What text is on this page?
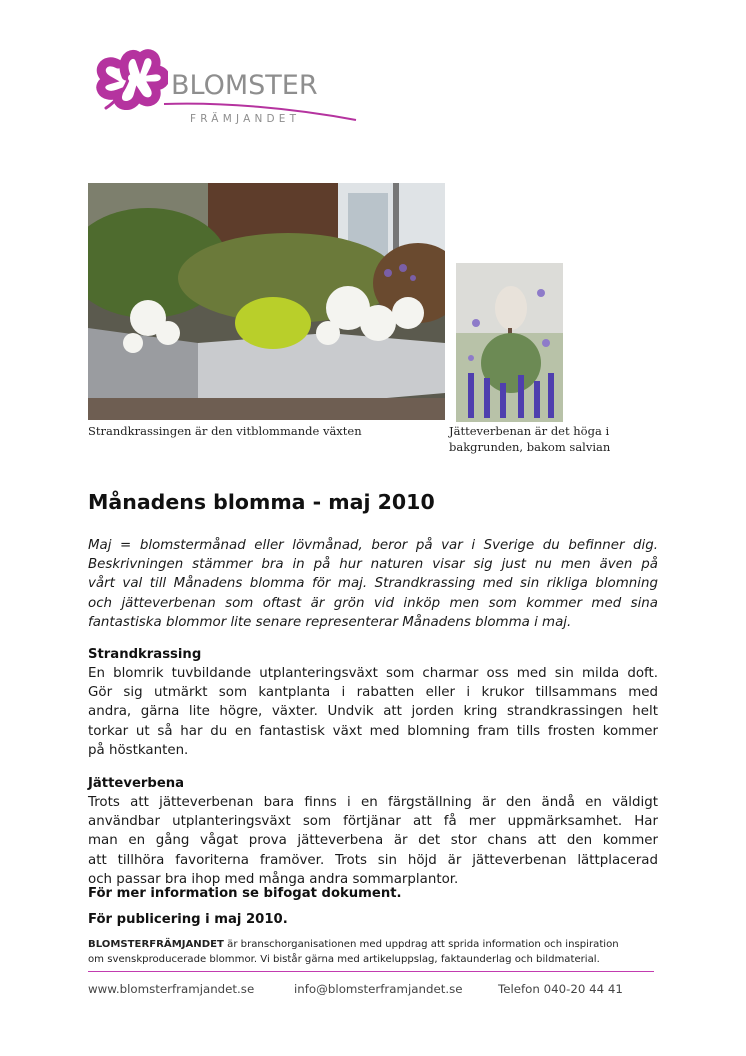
BLOMSTER
FRÄMJANDET
Strandkrassingen är den vitblommande växten	Jätteverbenan är det höga i
bakgrunden, bakom salvian
Månadens blomma - maj 2010
Maj = blomstermånad eller lövmånad, beror på var i Sverige du befinner dig.
Beskrivningen stämmer bra in på hur naturen visar sig just nu men även på
vårt val till Månadens blomma för maj. Strandkrassing med sin rikliga blomning
och jätteverbenan som oftast är grön vid inköp men som kommer med sina
fantastiska blommor lite senare representerar Månadens blomma i maj.
Strandkrassing
En blomrik tuvbildande utplanteringsväxt som charmar oss med sin milda doft.
Gör sig utmärkt som kantplanta i rabatten eller i krukor tillsammans med
andra, gärna lite högre, växter. Undvik att jorden kring strandkrassingen helt
torkar ut så har du en fantastisk växt med blomning fram tills frosten kommer
på höstkanten.
Jätteverbena
Trots att jätteverbenan bara finns i en färgställning är den ändå en väldigt
användbar utplanteringsväxt som förtjänar att få mer uppmärksamhet. Har
man en gång vågat prova jätteverbena är det stor chans att den kommer
att tillhöra favoriterna framöver. Trots sin höjd är jätteverbenan lättplacerad
och passar bra ihop med många andra sommarplantor.
För mer information se bifogat dokument.
För publicering i maj 2010.
BLOMSTERFRÄMJANDET är branschorganisationen med uppdrag att sprida information och inspiration
om svenskproducerade blommor. Vi bistår gärna med artikeluppslag, faktaunderlag och bildmaterial.
www.blomsterframjandet.se	info@blomsterframjandet.se	Telefon 040-20 44 41
